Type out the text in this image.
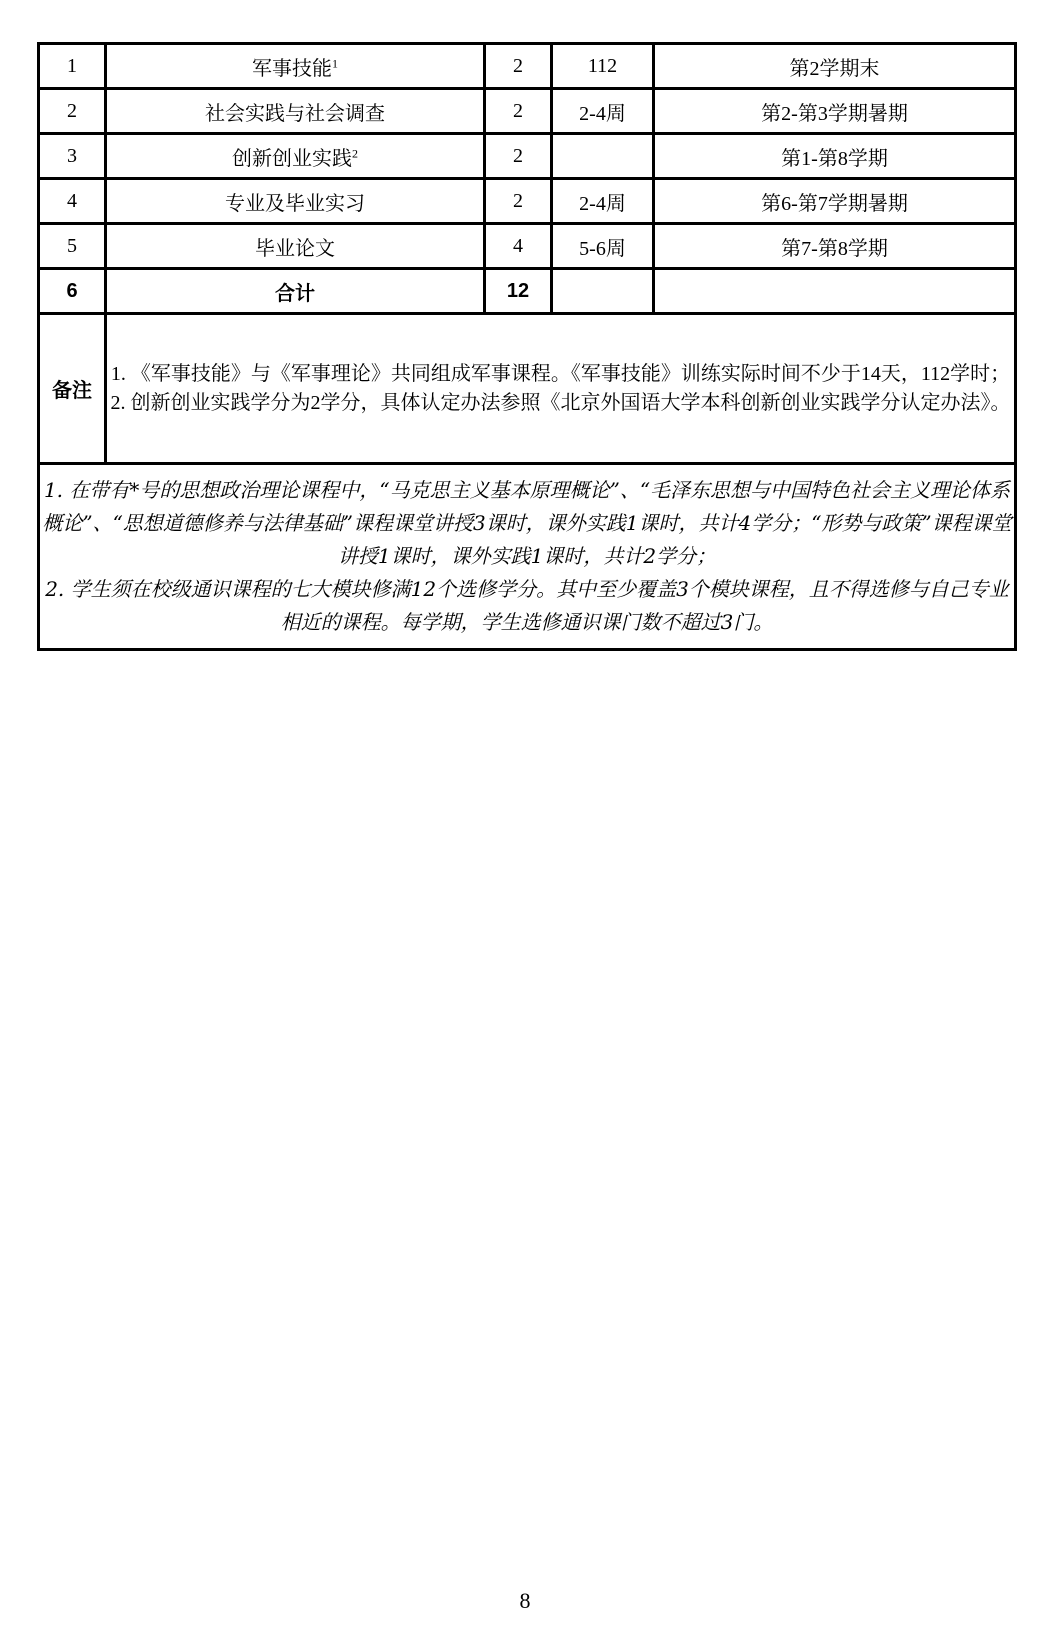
1	军事技能$^1$	2	112	第2学期末
2	社会实践与社会调查	2	2-4周	第2-第3学期暑期
3	创新创业实践$^2$	2		第1-第8学期
4	专业及毕业实习	2	2-4周	第6-第7学期暑期
5	毕业论文	4	5-6周	第7-第8学期
6	合计	12		
备注	1. 《军事技能》与《军事理论》共同组成军事课程。《军事技能》训练实际时间不少于14天，112学时；

2. 创新创业实践学分为2学分，具体认定办法参照《北京外国语大学本科创新创业实践学分认定办法》。			

1. 在带有*号的思想政治理论课程中，“马克思主义基本原理概论”、“毛泽东思想与中国特色社会主义理论体系概论”、“思想道德修养与法律基础”课程课堂讲授3课时，课外实践1课时，共计4学分；“形势与政策”课程课堂讲授1课时，课外实践1课时，共计2学分；

2. 学生须在校级通识课程的七大模块修满12个选修学分。其中至少覆盖3个模块课程，且不得选修与自己专业相近的课程。每学期，学生选修通识课门数不超过3门。				

8
